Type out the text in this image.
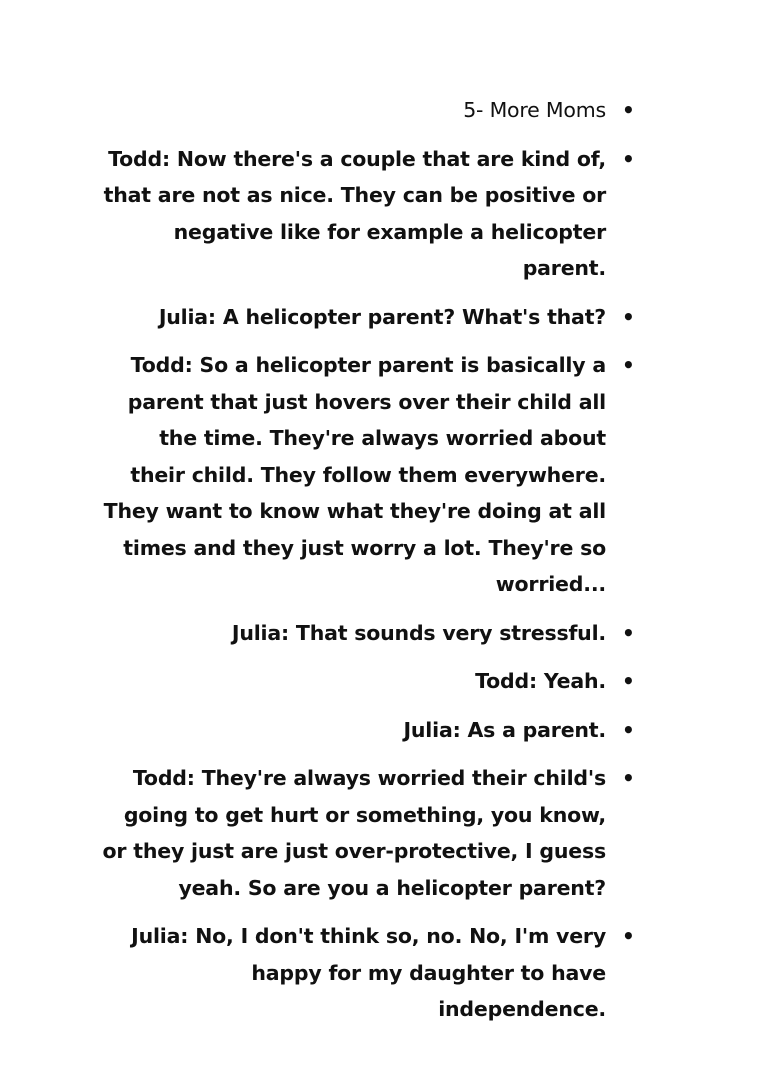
5- More Moms •
Todd: Now there's a couple that are kind of, that are not as nice. They can be positive or negative like for example a helicopter parent.
•
Julia: A helicopter parent? What's that? •
Todd: So a helicopter parent is basically a parent that just hovers over their child all the time. They're always worried about their child. They follow them everywhere. They want to know what they're doing at all times and they just worry a lot. They're so worried...
•
Julia: That sounds very stressful. •
Todd: Yeah. •
Julia: As a parent. •
Todd: They're always worried their child's going to get hurt or something, you know, or they just are just over-protective, I guess yeah. So are you a helicopter parent?
•
Julia: No, I don't think so, no. No, I'm very happy for my daughter to have independence.
•
